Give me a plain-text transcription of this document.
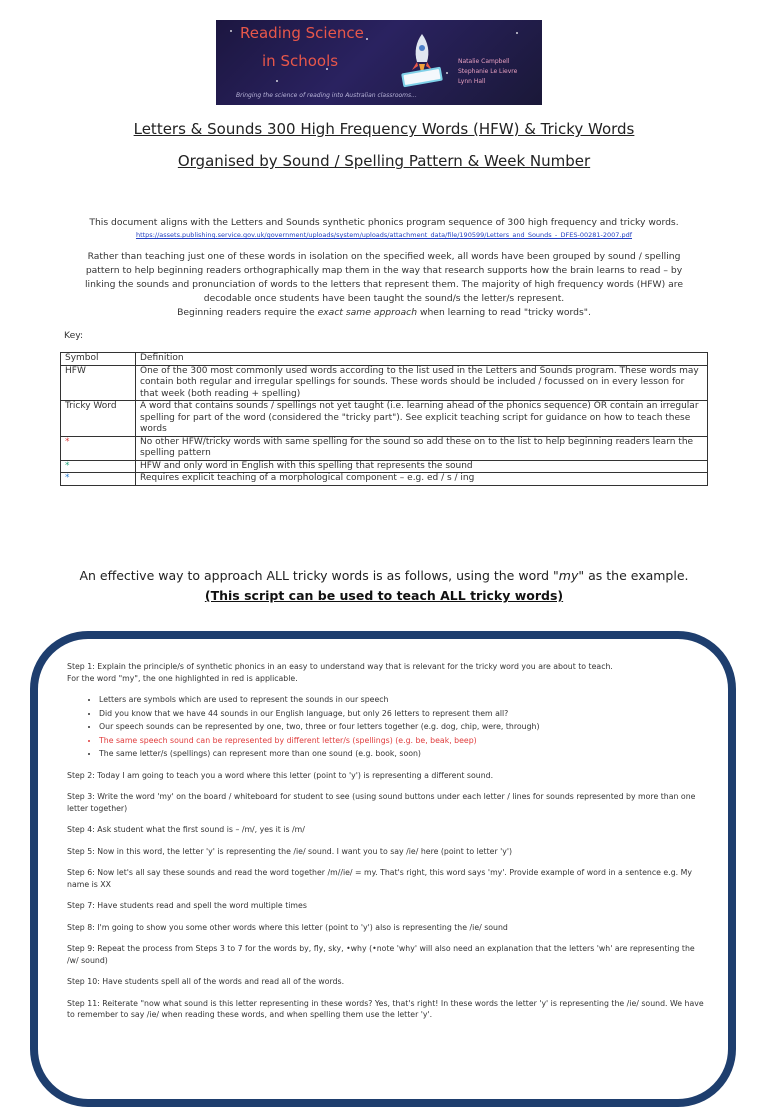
Reading Science
in Schools	Natalie Campbell
Stephanie Le Lievre
Lynn Hall
Bringing the science of reading into Australian classrooms...
Letters & Sounds 300 High Frequency Words (HFW) & Tricky Words
Organised by Sound / Spelling Pattern & Week Number
This document aligns with the Letters and Sounds synthetic phonics program sequence of 300 high frequency and tricky words.
https://assets.publishing.service.gov.uk/government/uploads/system/uploads/attachment_data/file/190599/Letters_and_Sounds_-_DFES-00281-2007.pdf
Rather than teaching just one of these words in isolation on the specified week, all words have been grouped by sound / spelling
pattern to help beginning readers orthographically map them in the way that research supports how the brain learns to read – by
linking the sounds and pronunciation of words to the letters that represent them. The majority of high frequency words (HFW) are
decodable once students have been taught the sound/s the letter/s represent.
Beginning readers require the exact same approach when learning to read "tricky words".
Key:
Symbol	Definition
HFW	One of the 300 most commonly used words according to the list used in the Letters and Sounds program. These words may contain both regular and irregular spellings for sounds. These words should be included / focussed on in every lesson for that week (both reading + spelling)
Tricky Word	A word that contains sounds / spellings not yet taught (i.e. learning ahead of the phonics sequence) OR contain an irregular spelling for part of the word (considered the "tricky part"). See explicit teaching script for guidance on how to teach these words
*	No other HFW/tricky words with same spelling for the sound so add these on to the list to help beginning readers learn the spelling pattern
*	HFW and only word in English with this spelling that represents the sound
*	Requires explicit teaching of a morphological component – e.g. ed / s / ing
An effective way to approach ALL tricky words is as follows, using the word "my" as the example.
(This script can be used to teach ALL tricky words)

Step 1: Explain the principle/s of synthetic phonics in an easy to understand way that is relevant for the tricky word you are about to teach.
For the word "my", the one highlighted in red is applicable.

• Letters are symbols which are used to represent the sounds in our speech
• Did you know that we have 44 sounds in our English language, but only 26 letters to represent them all?
• Our speech sounds can be represented by one, two, three or four letters together (e.g. dog, chip, were, through)
• The same speech sound can be represented by different letter/s (spellings) (e.g. be, beak, beep)
• The same letter/s (spellings) can represent more than one sound (e.g. book, soon)

Step 2: Today I am going to teach you a word where this letter (point to 'y') is representing a different sound.

Step 3: Write the word 'my' on the board / whiteboard for student to see (using sound buttons under each letter / lines for sounds represented by more than one letter together)

Step 4: Ask student what the first sound is – /m/, yes it is /m/

Step 5: Now in this word, the letter 'y' is representing the /ie/ sound. I want you to say /ie/ here (point to letter 'y')

Step 6: Now let's all say these sounds and read the word together /m//ie/ = my. That's right, this word says 'my'. Provide example of word in a sentence e.g. My name is XX

Step 7: Have students read and spell the word multiple times

Step 8: I'm going to show you some other words where this letter (point to 'y') also is representing the /ie/ sound

Step 9: Repeat the process from Steps 3 to 7 for the words by, fly, sky, •why (•note 'why' will also need an explanation that the letters 'wh' are representing the /w/ sound)

Step 10: Have students spell all of the words and read all of the words.

Step 11: Reiterate "now what sound is this letter representing in these words? Yes, that's right! In these words the letter 'y' is representing the /ie/ sound. We have to remember to say /ie/ when reading these words, and when spelling them use the letter 'y'.
